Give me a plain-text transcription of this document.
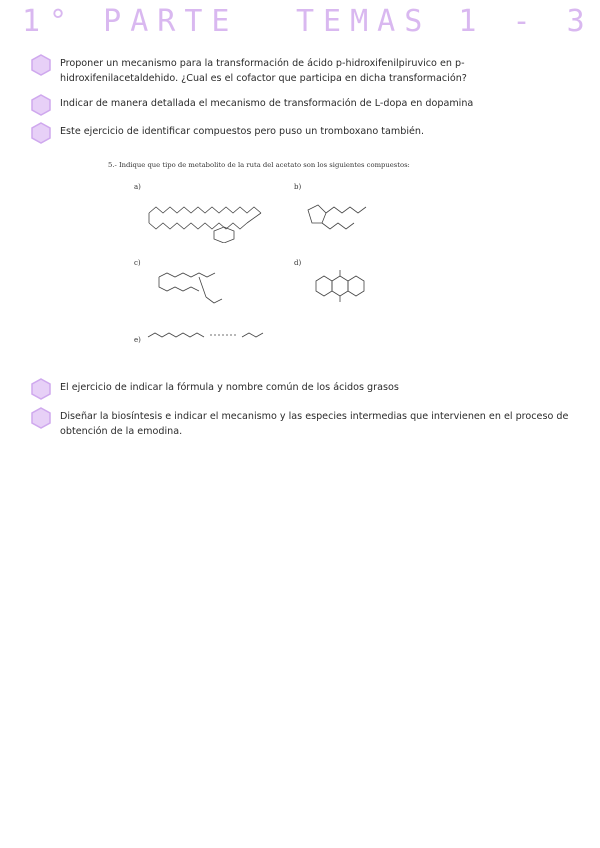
1° PARTE TEMAS 1 - 3
Proponer un mecanismo para la transformación de ácido p-hidroxifenilpiruvico en p-hidroxifenilacetaldehido. ¿Cual es el cofactor que participa en dicha transformación?
Indicar de manera detallada el mecanismo de transformación de L-dopa en dopamina
Este ejercicio de identificar compuestos pero puso un tromboxano también.
5.- Indique que tipo de metabolito de la ruta del acetato son los siguientes compuestos:
a)	b)
c)	d)
e)
El ejercicio de indicar la fórmula y nombre común de los ácidos grasos
Diseñar la biosíntesis e indicar el mecanismo y las especies intermedias que intervienen en el proceso de obtención de la emodina.
